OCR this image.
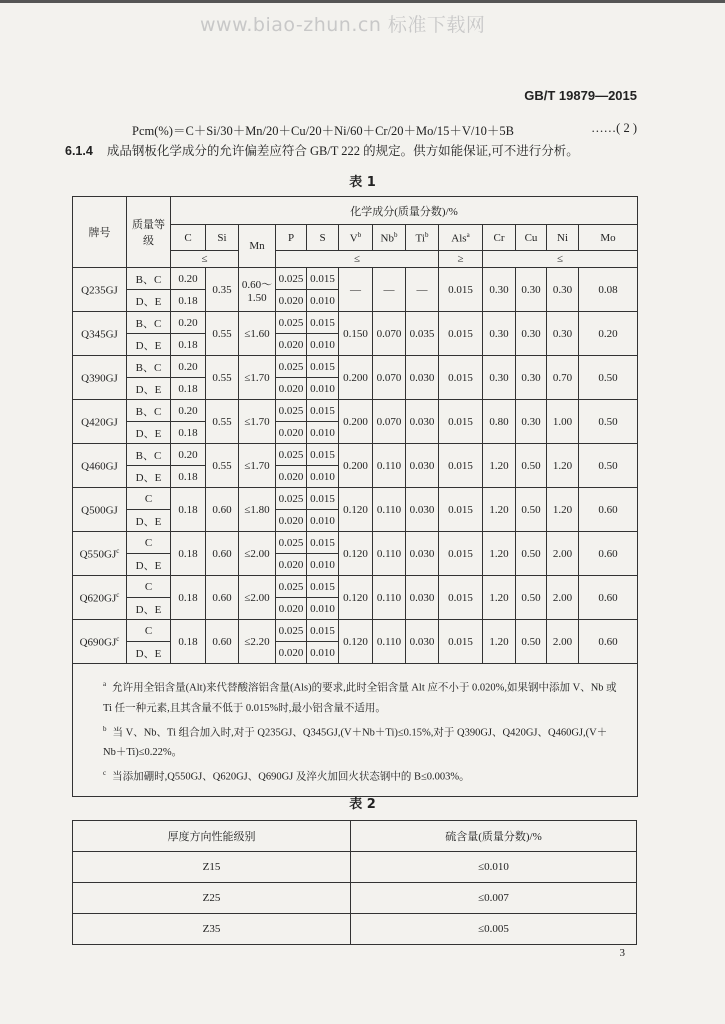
www.biao-zhun.cn 标准下载网
GB/T 19879—2015
Pcm(%)＝C＋Si/30＋Mn/20＋Cu/20＋Ni/60＋Cr/20＋Mo/15＋V/10＋5B	……( 2 )
6.1.4 成品钢板化学成分的允许偏差应符合 GB/T 222 的规定。供方如能保证,可不进行分析。
表 1
牌号	质量等级	化学成分(质量分数)/%												
		C	Si	Mn	P	S	$V^b$	Nb$^b$	Ti$^b$	Als$^a$	Cr	Cu	Ni	Mo
		≤			≤					≥	≤			
Q235GJ	B、C	0.20	0.35	0.60～1.50	0.025	0.015	—	—	—	0.015	0.30	0.30	0.30	0.08
	D、E	0.18			0.020	0.010								
Q345GJ	B、C	0.20	0.55	≤1.60	0.025	0.015	0.150	0.070	0.035	0.015	0.30	0.30	0.30	0.20
	D、E	0.18			0.020	0.010								
Q390GJ	B、C	0.20	0.55	≤1.70	0.025	0.015	0.200	0.070	0.030	0.015	0.30	0.30	0.70	0.50
	D、E	0.18			0.020	0.010								
Q420GJ	B、C	0.20	0.55	≤1.70	0.025	0.015	0.200	0.070	0.030	0.015	0.80	0.30	1.00	0.50
	D、E	0.18			0.020	0.010								
Q460GJ	B、C	0.20	0.55	≤1.70	0.025	0.015	0.200	0.110	0.030	0.015	1.20	0.50	1.20	0.50
	D、E	0.18			0.020	0.010								
Q500GJ	C	0.18	0.60	≤1.80	0.025	0.015	0.120	0.110	0.030	0.015	1.20	0.50	1.20	0.60
	D、E				0.020	0.010								
$Q550GJ^c$	C	0.18	0.60	≤2.00	0.025	0.015	0.120	0.110	0.030	0.015	1.20	0.50	2.00	0.60
	D、E				0.020	0.010								
$Q620GJ^c$	C	0.18	0.60	≤2.00	0.025	0.015	0.120	0.110	0.030	0.015	1.20	0.50	2.00	0.60
	D、E				0.020	0.010								
$Q690GJ^c$	C	0.18	0.60	≤2.20	0.025	0.015	0.120	0.110	0.030	0.015	1.20	0.50	2.00	0.60
	D、E				0.020	0.010								

$^a$ 允许用全铝含量(Alt)来代替酸溶铝含量(Als)的要求,此时全铝含量 Alt 应不小于 0.020%,如果钢中添加 V、Nb 或 Ti 任一种元素,且其含量不低于 0.015%时,最小铝含量不适用。

$^b$ 当 V、Nb、Ti 组合加入时,对于 Q235GJ、Q345GJ,(V＋Nb＋Ti)≤0.15%,对于 Q390GJ、Q420GJ、Q460GJ,(V＋Nb＋Ti)≤0.22%。

$^c$ 当添加硼时,Q550GJ、Q620GJ、Q690GJ 及淬火加回火状态钢中的 B≤0.003%。														

表 2
厚度方向性能级别	硫含量(质量分数)/%
Z15	≤0.010
Z25	≤0.007
Z35	≤0.005
3
